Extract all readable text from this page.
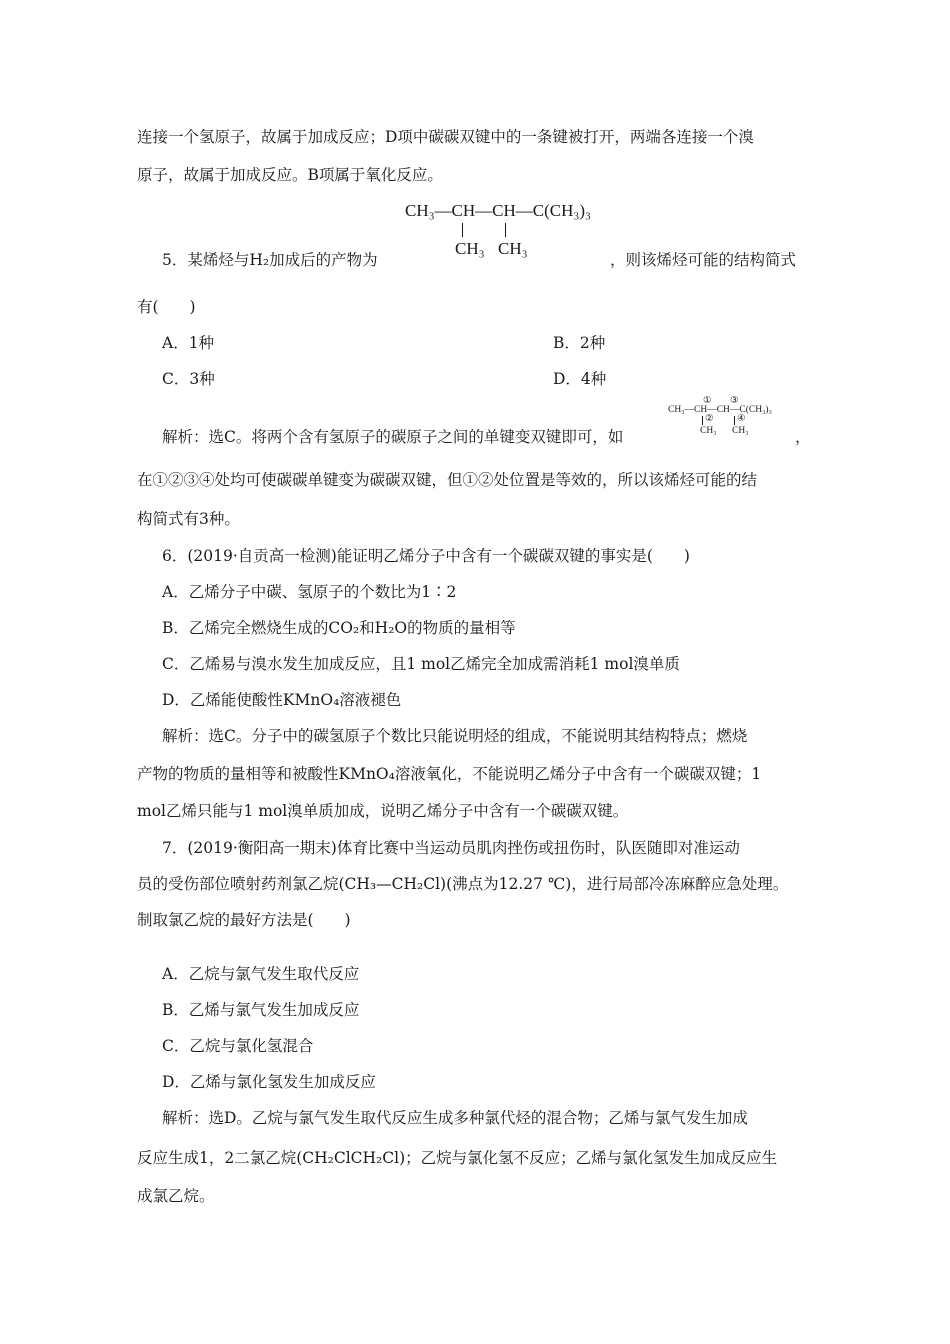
连接一个氢原子，故属于加成反应；D项中碳碳双键中的一条键被打开，两端各连接一个溴
原子，故属于加成反应。B项属于氧化反应。
CH₃—CH—CH—C(CH₃)₃
CH₃ CH₃
5．某烯烃与H₂加成后的产物为	，则该烯烃可能的结构简式
有(　　)
A．1种	B．2种
C．3种	D．4种
① ③
CH₃—CH—CH—C(CH₃)₃
② ④
CH₃ CH₃
解析：选C。将两个含有氢原子的碳原子之间的单键变双键即可，如	，
在①②③④处均可使碳碳单键变为碳碳双键，但①②处位置是等效的，所以该烯烃可能的结
构简式有3种。
6．(2019·自贡高一检测)能证明乙烯分子中含有一个碳碳双键的事实是(　　)
A．乙烯分子中碳、氢原子的个数比为1∶2
B．乙烯完全燃烧生成的CO₂和H₂O的物质的量相等
C．乙烯易与溴水发生加成反应，且1 mol乙烯完全加成需消耗1 mol溴单质
D．乙烯能使酸性KMnO₄溶液褪色
解析：选C。分子中的碳氢原子个数比只能说明烃的组成，不能说明其结构特点；燃烧
产物的物质的量相等和被酸性KMnO₄溶液氧化，不能说明乙烯分子中含有一个碳碳双键；1
mol乙烯只能与1 mol溴单质加成，说明乙烯分子中含有一个碳碳双键。
7．(2019·衡阳高一期末)体育比赛中当运动员肌肉挫伤或扭伤时，队医随即对准运动
员的受伤部位喷射药剂氯乙烷(CH₃—CH₂Cl)(沸点为12.27 ℃)，进行局部冷冻麻醉应急处理。
制取氯乙烷的最好方法是(　　)
A．乙烷与氯气发生取代反应
B．乙烯与氯气发生加成反应
C．乙烷与氯化氢混合
D．乙烯与氯化氢发生加成反应
解析：选D。乙烷与氯气发生取代反应生成多种氯代烃的混合物；乙烯与氯气发生加成
反应生成1，2二氯乙烷(CH₂ClCH₂Cl)；乙烷与氯化氢不反应；乙烯与氯化氢发生加成反应生
成氯乙烷。
